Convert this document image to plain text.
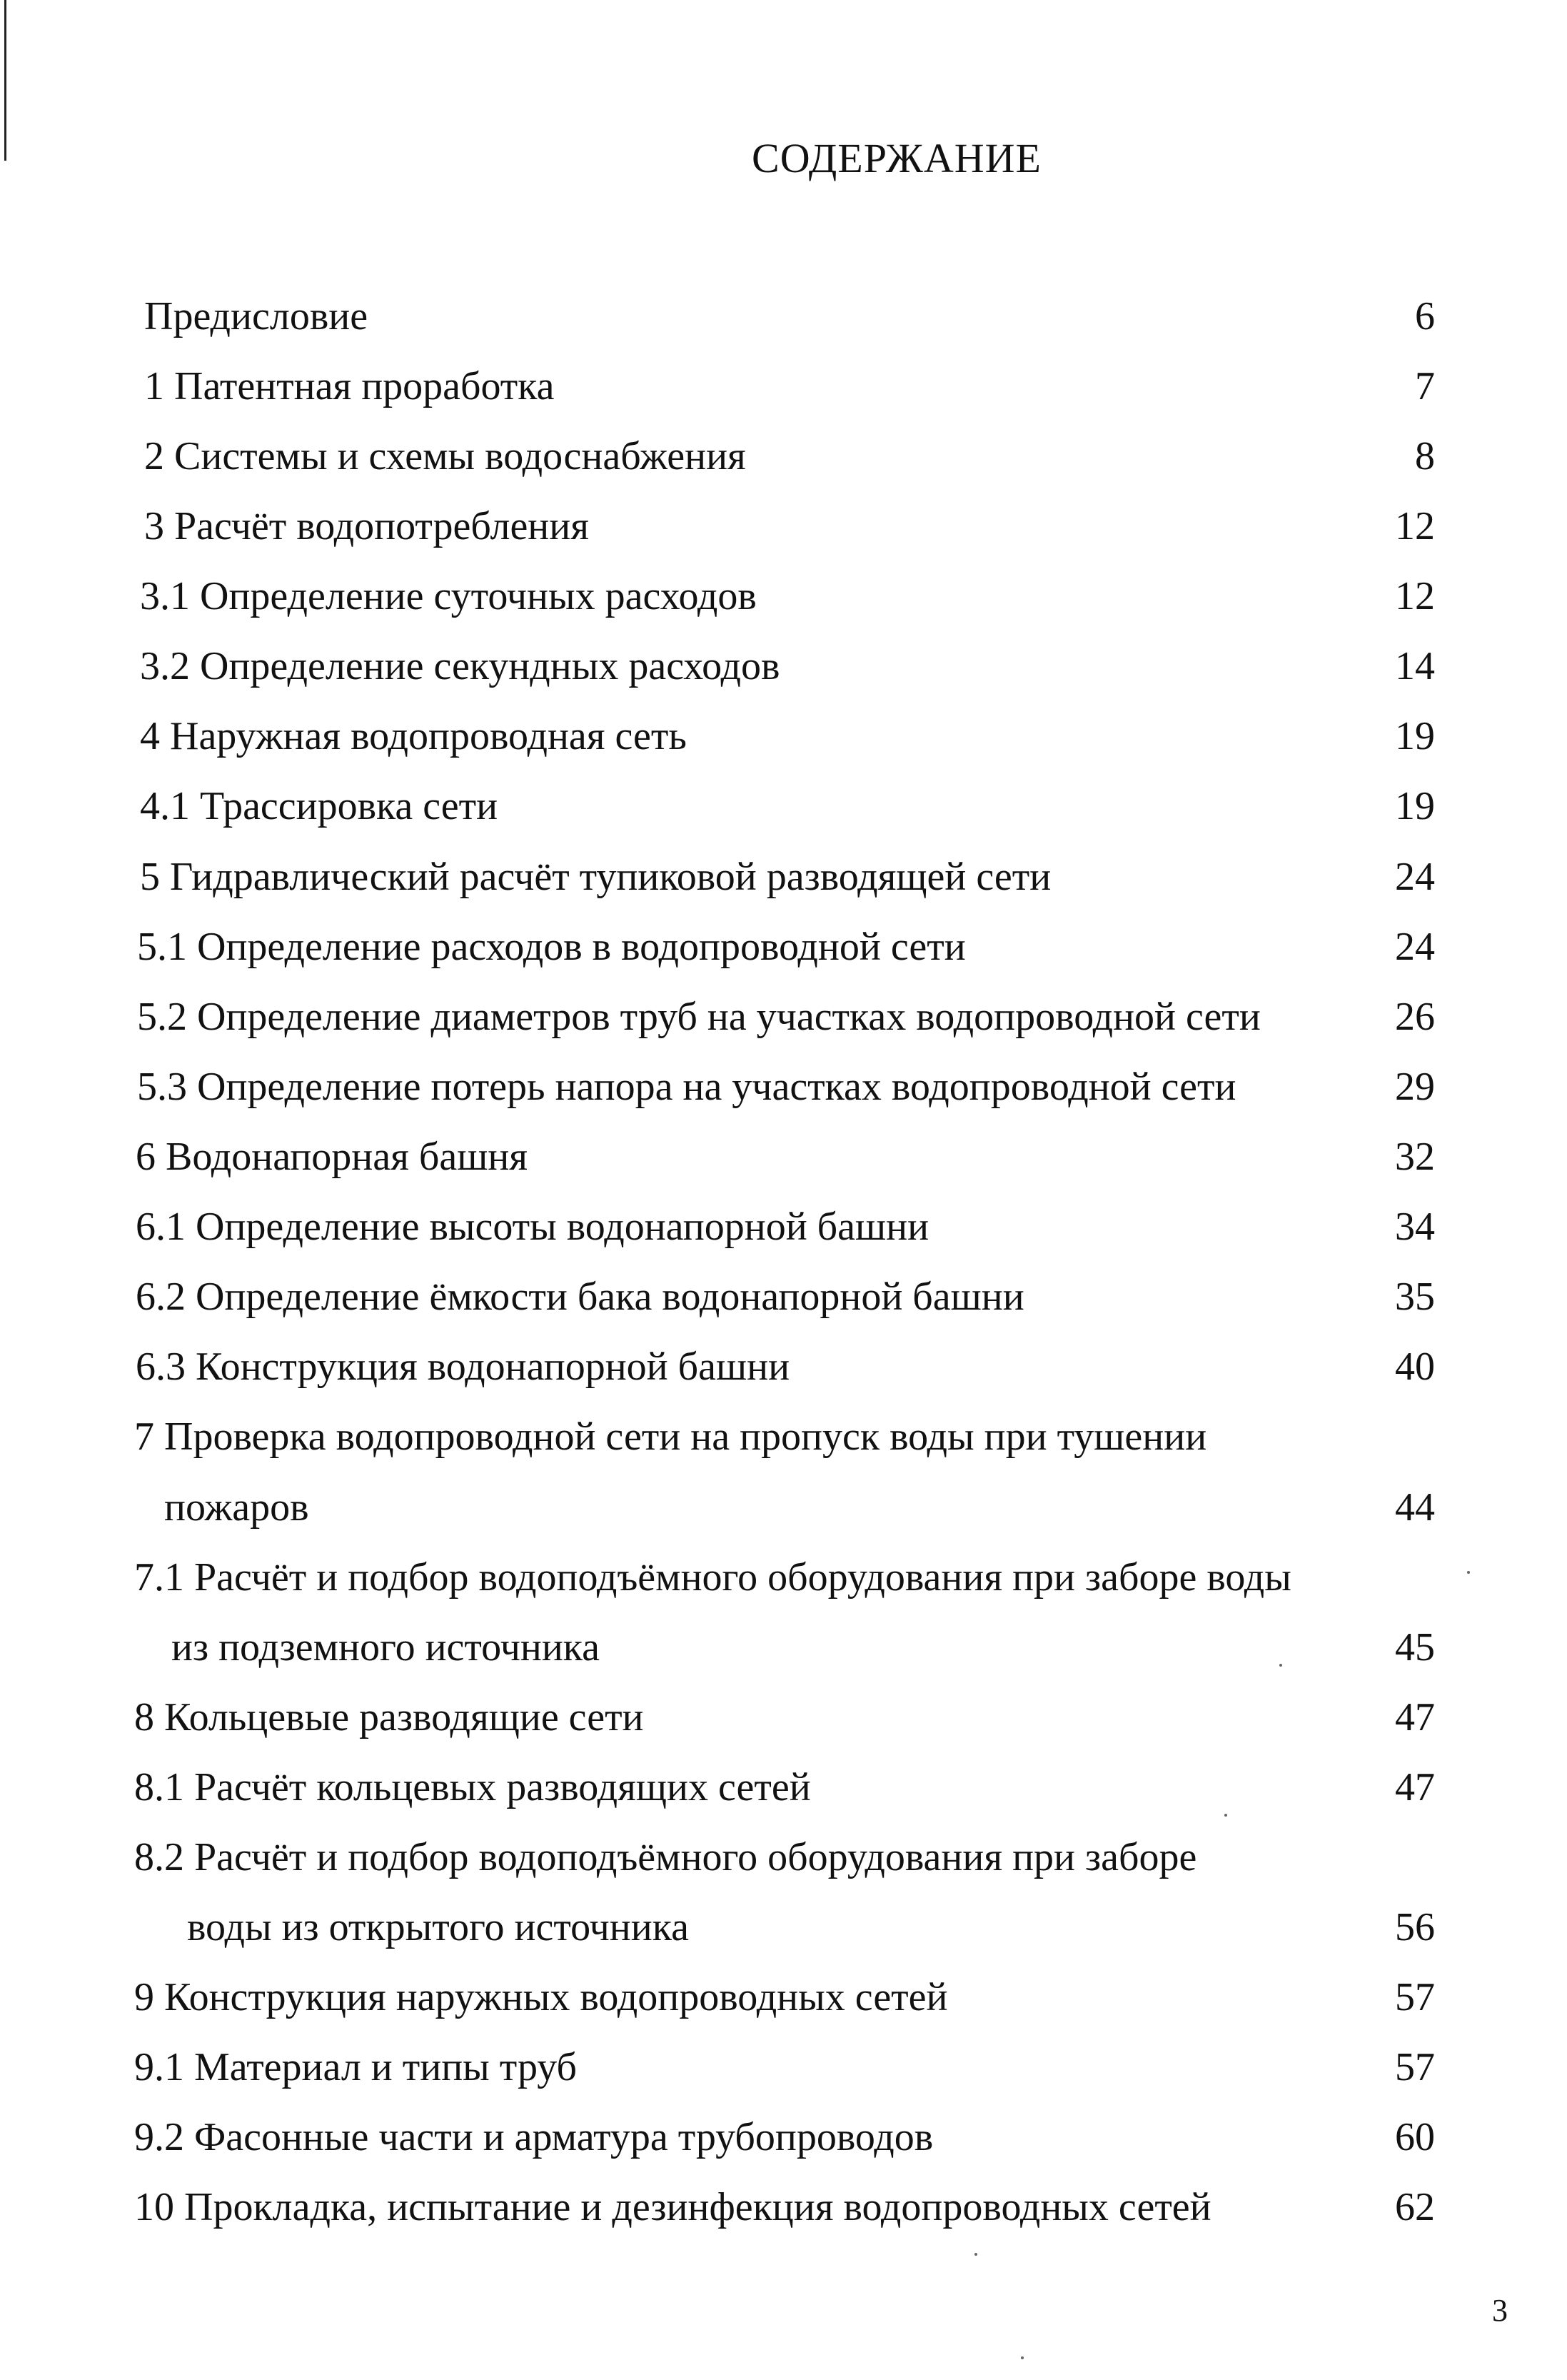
СОДЕРЖАНИЕ
Предисловие	6
1 Патентная проработка	7
2 Системы и схемы водоснабжения	8
3 Расчёт водопотребления	12
3.1 Определение суточных расходов	12
3.2 Определение секундных расходов	14
4 Наружная водопроводная сеть	19
4.1 Трассировка сети	19
5 Гидравлический расчёт тупиковой разводящей сети	24
5.1 Определение расходов в водопроводной сети	24
5.2 Определение диаметров труб на участках водопроводной сети	26
5.3 Определение потерь напора на участках водопроводной сети	29
6 Водонапорная башня	32
6.1 Определение высоты водонапорной башни	34
6.2 Определение ёмкости бака водонапорной башни	35
6.3 Конструкция водонапорной башни	40
7 Проверка водопроводной сети на пропуск воды при тушении
пожаров	44
7.1 Расчёт и подбор водоподъёмного оборудования при заборе воды
из подземного источника	45
8 Кольцевые разводящие сети	47
8.1 Расчёт кольцевых разводящих сетей	47
8.2 Расчёт и подбор водоподъёмного оборудования при заборе
воды из открытого источника	56
9 Конструкция наружных водопроводных сетей	57
9.1 Материал и типы труб	57
9.2 Фасонные части и арматура трубопроводов	60
10 Прокладка, испытание и дезинфекция водопроводных сетей	62
3
